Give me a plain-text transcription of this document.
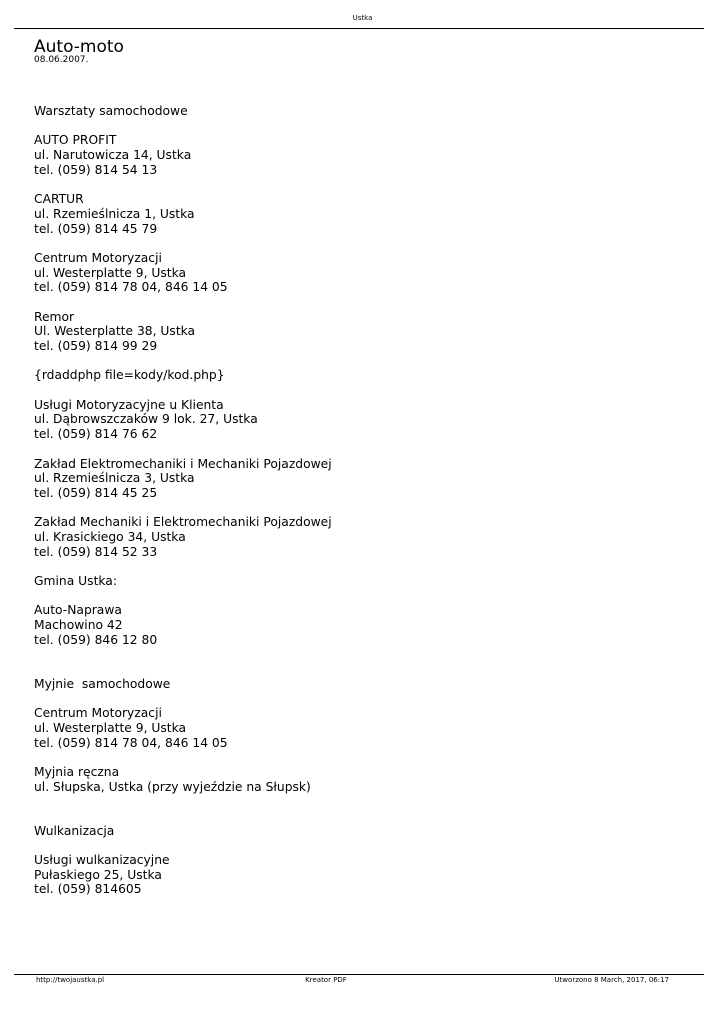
Ustka
Auto-moto
08.06.2007.
Warsztaty samochodowe
AUTO PROFIT
ul. Narutowicza 14, Ustka
tel. (059) 814 54 13
CARTUR
ul. Rzemieślnicza 1, Ustka
tel. (059) 814 45 79
Centrum Motoryzacji
ul. Westerplatte 9, Ustka
tel. (059) 814 78 04, 846 14 05
Remor
Ul. Westerplatte 38, Ustka
tel. (059) 814 99 29
{rdaddphp file=kody/kod.php}
Usługi Motoryzacyjne u Klienta
ul. Dąbrowszczaków 9 lok. 27, Ustka
tel. (059) 814 76 62
Zakład Elektromechaniki i Mechaniki Pojazdowej
ul. Rzemieślnicza 3, Ustka
tel. (059) 814 45 25
Zakład Mechaniki i Elektromechaniki Pojazdowej
ul. Krasickiego 34, Ustka
tel. (059) 814 52 33
Gmina Ustka:
Auto-Naprawa
Machowino 42
tel. (059) 846 12 80
Myjnie  samochodowe
Centrum Motoryzacji
ul. Westerplatte 9, Ustka
tel. (059) 814 78 04, 846 14 05
Myjnia ręczna
ul. Słupska, Ustka (przy wyjeździe na Słupsk)
Wulkanizacja
Usługi wulkanizacyjne
Pułaskiego 25, Ustka
tel. (059) 814605
http://twojaustka.pl	Kreator PDF	Utworzono 8 March, 2017, 06:17
